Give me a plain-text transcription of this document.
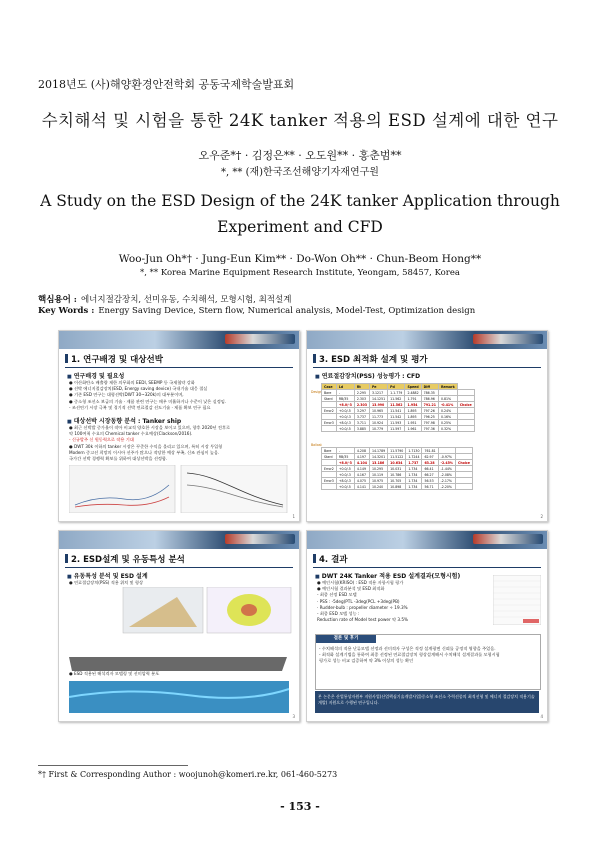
2018년도 (사)해양환경안전학회 공동국제학술발표회
수치해석 및 시험을 통한 24K tanker 적용의 ESD 설계에 대한 연구
오우준*† · 김정은** · 오도원** · 홍춘범**
*, ** (재)한국조선해양기자재연구원
A Study on the ESD Design of the 24K tanker Application through Experiment and CFD
Woo-Jun Oh*† · Jung-Eun Kim** · Do-Won Oh** · Chun-Beom Hong**
*, ** Korea Marine Equipment Research Institute, Yeongam, 58457, Korea
핵심용어 : 에너지절감장치, 선미유동, 수치해석, 모형시험, 최적설계
Key Words : Energy Saving Device, Stern flow, Numerical analysis, Model-Test, Optimization design
1. 연구배경 및 대상선박
■ 연구배경 및 필요성
● 이산화탄소 배출량 제한 의무화의 EEDI, SEEMP 등 국제협약 강화
● 선박 에너지절감장치(ESD, Energy saving device) 국내기술 대응 절실
● 기존 ESD 연구는 대형선박(DWT 30~320k)의 대부분이며,
● 중소형 조선소 보급의 기술 · 제품 관련 연구는 매우 미흡하거나 수준이 낮은 실정임.
- 조선연기 시장 극복 및 경기적 선박 연료절감 선도기술 · 제품 확보 연구 필요
■ 대상선박 시장동향 분석 : Tanker ship
● 최근 선박발 중가율이 작아 비교적 양호한 시장을 보이고 있으며, 향후 2020년 전후로
약 100여척 수요의 Chemical tanker 수요예상(Clackson/2016).
- 신규발주 신 원동력으로 작용 기대
● DWT 30k 이하의 tanker 시장은 꾸준한 수익을 올리고 있으며, 특히 시장 투입형
Modern 중고선 희망의 이시아 선주가 많으나 적당한 예상 부족, 신조 관심이 높음.
국가간 선박 경쟁력 확보를 위하여 대상선박을 선정함.
1
3. ESD 최적화 설계 및 평가
■ 연료절감장치(PSS) 성능평가 : CFD
Design
Case	Ld	Rt	Pe	Pd	Speed	Diff	Remark	
Bare	-	2.295	3.1217	1.1.779	2.4882	786.35		
Stard	RB/35	2.303	14.1251	11.562	1.791	786.96	0.81%	
	+8.0/-3	2.303	13.990	11.562	1.954	791.21	-0.41%	Choice
Error2	+0.0/-5	3.297	10.965	11.541	1.893	797.26	0.24%	
	+0.0/-3	3.737	11.773	11.542	1.893	796.25	0.16%	
Error3	+8.0/-3	3.711	10.924	11.593	1.951	797.98	0.25%	
	+0.0/-5	3.885	10.779	11.597	1.961	797.36	0.32%	
Ballast
Bare	-	4.208	14.1789	11.5790	1.7130	761.81		
Stard	RB/35	4.197	14.3201	11.5122	1.7244	62.97	-0.97%	
	+8.0/-3	4.104	13.186	10.634	1.737	63.28	-2.45%	Choice
Error2	+0.0/-5	4.149	10.295	10.031	1.734	66.41	-1.44%	
	+0.0/-3	4.167	10.119	10.786	1.734	66.27	-2.08%	
Error3	+8.0/-3	4.075	10.975	10.705	1.734	56.53	-2.17%	
	+0.0/-5	4.141	10.240	10.898	1.734	56.71	-2.20%	
2
2. ESD설계 및 유동특성 분석
■ 유동특성 분석 및 ESD 설계
● 연료절감장치(PSS) 적용 위치 및 형상
● ESD 적용된 해석격자 모델링 및 선미압력 분포
3
4. 결과
■ DWT 24K Tanker 적용 ESD 설계결과(모형시험)
● 예인시험(KRISO) : ESD 적용 자항시험 평가
● 예인시험 결과분석 및 ESD 최적화
- 최종 선정 ESD 모델
· PSS : -5deg(PTL -3deg(PCL +3deg(PB)
· Rudder-bulb : propeller diameter ÷ 19.3%
- 최종 ESD 모델 성능 :
Reduction rate of Model test power 약 3.5%
결론 및 후기
- 수치해석의 적용 난류모델 선정과 선미격자 구성은 적정 설계평면 신뢰를 공정적 영향을 주었음.
- 최적화 설계기법을 통하여 최종 선정된 연료절감장치 형상설계해서 수치해석 설계결과를 모형시험
평가로 성능 비교 검증하여 약 3% 이상의 성능 확인
본 논문은 산업통상자원부 지원사업(산업핵심기술개발사업)중소형 조선소 주력선종의 최적선형 및 에너지 절감장치 적용기술 개발) 지원으로 수행된 연구입니다.
4
*† First & Corresponding Author : woojunoh@komeri.re.kr, 061-460-5273
- 153 -
